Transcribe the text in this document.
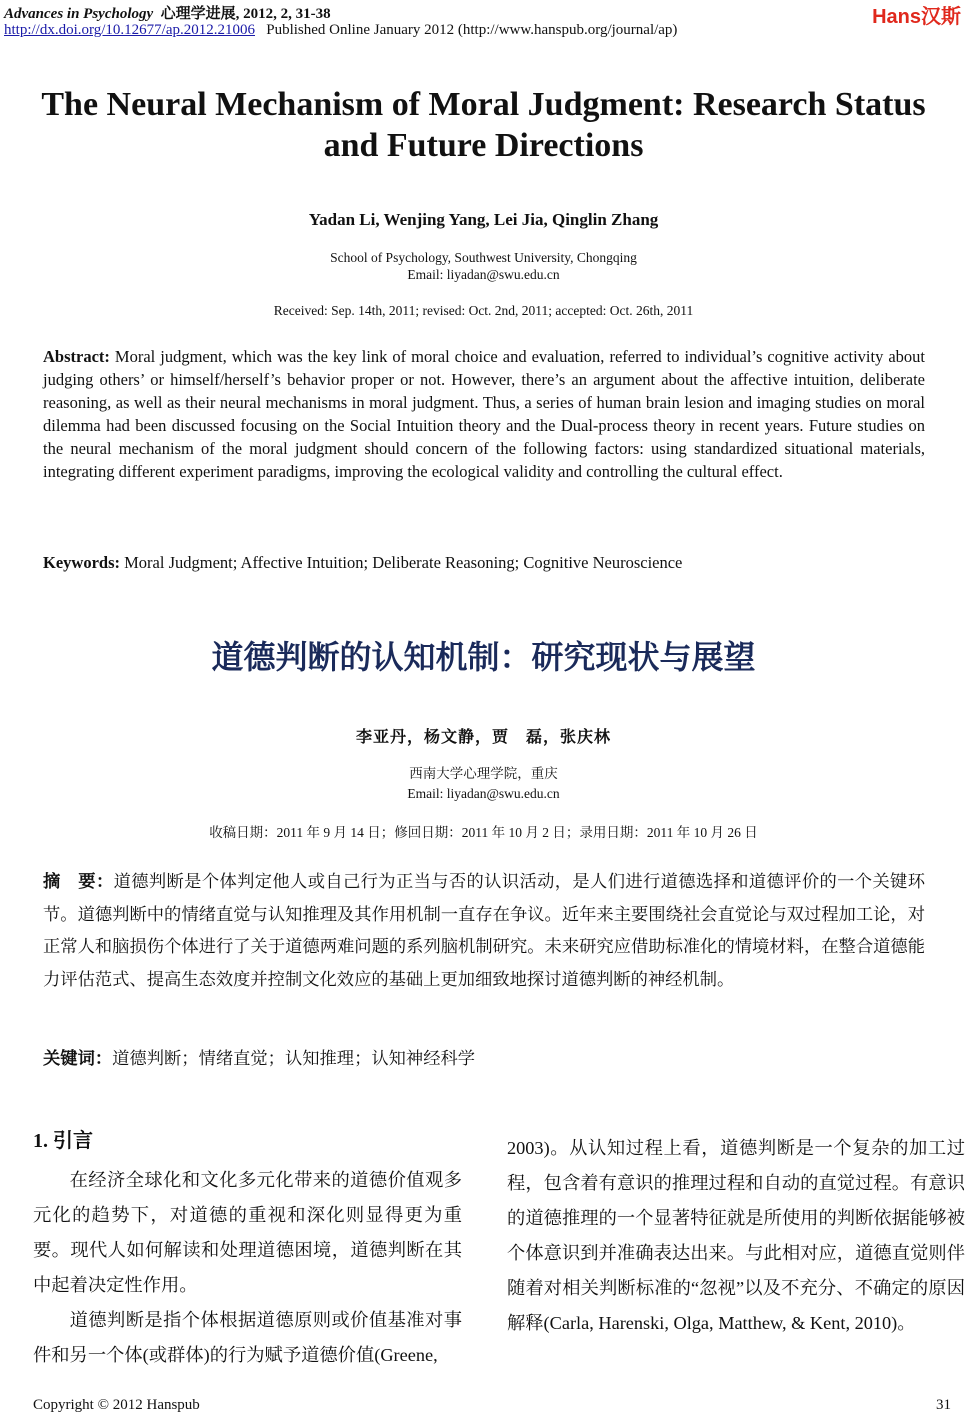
Advances in Psychology 心理学进展, 2012, 2, 31-38
http://dx.doi.org/10.12677/ap.2012.21006 Published Online January 2012 (http://www.hanspub.org/journal/ap)
Hans汉斯
The Neural Mechanism of Moral Judgment: Research Status and Future Directions
Yadan Li, Wenjing Yang, Lei Jia, Qinglin Zhang
School of Psychology, Southwest University, Chongqing
Email: liyadan@swu.edu.cn
Received: Sep. 14th, 2011; revised: Oct. 2nd, 2011; accepted: Oct. 26th, 2011
Abstract: Moral judgment, which was the key link of moral choice and evaluation, referred to individual’s cognitive activity about judging others’ or himself/herself’s behavior proper or not. However, there’s an argument about the affective intuition, deliberate reasoning, as well as their neural mechanisms in moral judgment. Thus, a series of human brain lesion and imaging studies on moral dilemma had been discussed focusing on the Social Intuition theory and the Dual-process theory in recent years. Future studies on the neural mechanism of the moral judgment should concern of the following factors: using standardized situational materials, integrating different experiment paradigms, improving the ecological validity and controlling the cultural effect.
Keywords: Moral Judgment; Affective Intuition; Deliberate Reasoning; Cognitive Neuroscience
道德判断的认知机制：研究现状与展望
李亚丹，杨文静，贾　磊，张庆林
西南大学心理学院，重庆
Email: liyadan@swu.edu.cn
收稿日期：2011 年 9 月 14 日；修回日期：2011 年 10 月 2 日；录用日期：2011 年 10 月 26 日
摘　要：道德判断是个体判定他人或自己行为正当与否的认识活动，是人们进行道德选择和道德评价的一个关键环节。道德判断中的情绪直觉与认知推理及其作用机制一直存在争议。近年来主要围绕社会直觉论与双过程加工论，对正常人和脑损伤个体进行了关于道德两难问题的系列脑机制研究。未来研究应借助标准化的情境材料，在整合道德能力评估范式、提高生态效度并控制文化效应的基础上更加细致地探讨道德判断的神经机制。
关键词：道德判断；情绪直觉；认知推理；认知神经科学
1. 引言

在经济全球化和文化多元化带来的道德价值观多元化的趋势下，对道德的重视和深化则显得更为重要。现代人如何解读和处理道德困境，道德判断在其中起着决定性作用。

道德判断是指个体根据道德原则或价值基准对事件和另一个体(或群体)的行为赋予道德价值(Greene,

2003)。从认知过程上看，道德判断是一个复杂的加工过程，包含着有意识的推理过程和自动的直觉过程。有意识的道德推理的一个显著特征就是所使用的判断依据能够被个体意识到并准确表达出来。与此相对应，道德直觉则伴随着对相关判断标准的“忽视”以及不充分、不确定的原因解释(Carla, Harenski, Olga, Matthew, & Kent, 2010)。

Copyright © 2012 Hanspub	31
